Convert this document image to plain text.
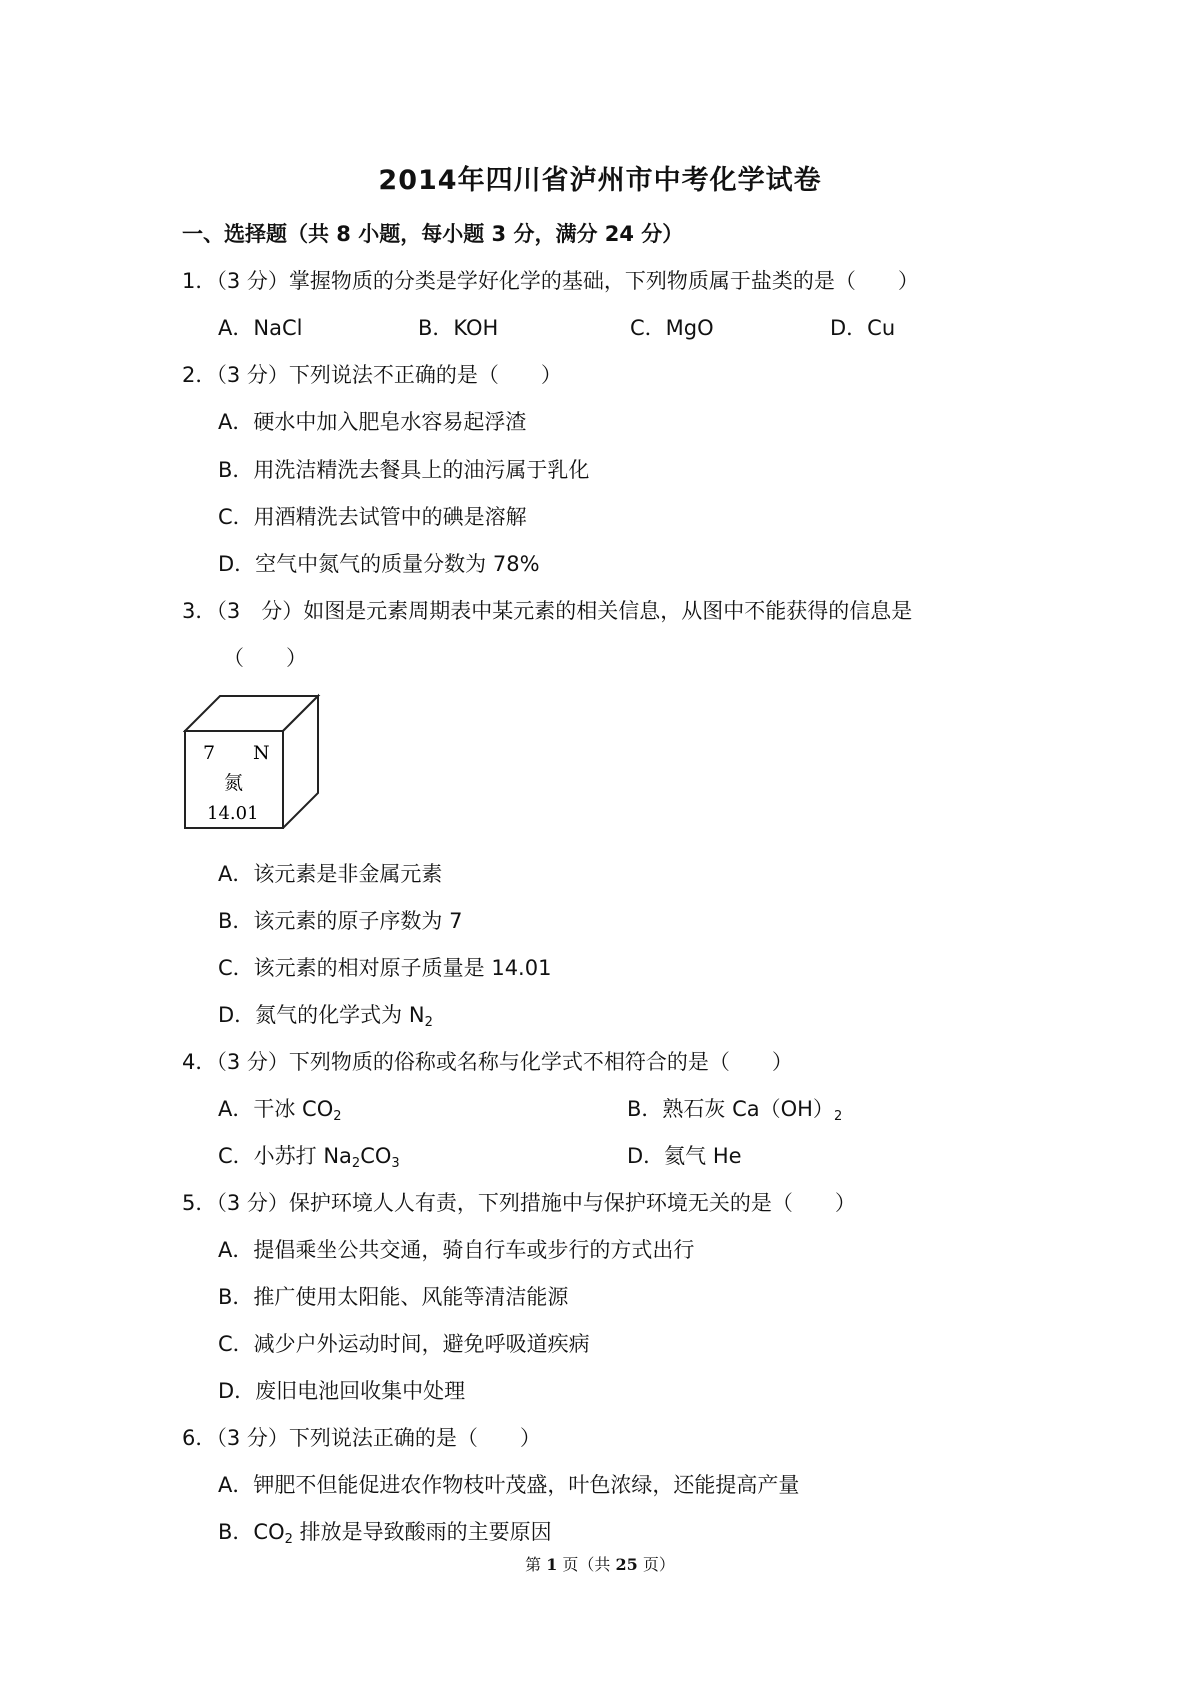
2014年四川省泸州市中考化学试卷
一、选择题（共 8 小题，每小题 3 分，满分 24 分）
1．（3 分）掌握物质的分类是学好化学的基础，下列物质属于盐类的是（　　）
A．NaCl	B．KOH	C．MgO	D．Cu
2．（3 分）下列说法不正确的是（　　）
A．硬水中加入肥皂水容易起浮渣
B．用洗洁精洗去餐具上的油污属于乳化
C．用酒精洗去试管中的碘是溶解
D．空气中氮气的质量分数为 78%
3．（3　分）如图是元素周期表中某元素的相关信息，从图中不能获得的信息是
（　　）
7 N
氮
14.01
A．该元素是非金属元素
B．该元素的原子序数为 7
C．该元素的相对原子质量是 14.01
D．氮气的化学式为 $N_2$
4．（3 分）下列物质的俗称或名称与化学式不相符合的是（　　）
A．干冰 $CO_2$	B．熟石灰 $Ca(OH)_2$
C．小苏打 $Na_2CO_3$	D．氦气 He
5．（3 分）保护环境人人有责，下列措施中与保护环境无关的是（　　）
A．提倡乘坐公共交通，骑自行车或步行的方式出行
B．推广使用太阳能、风能等清洁能源
C．减少户外运动时间，避免呼吸道疾病
D．废旧电池回收集中处理
6．（3 分）下列说法正确的是（　　）
A．钾肥不但能促进农作物枝叶茂盛，叶色浓绿，还能提高产量
B．$CO_2$ 排放是导致酸雨的主要原因
第 1 页（共 25 页）
